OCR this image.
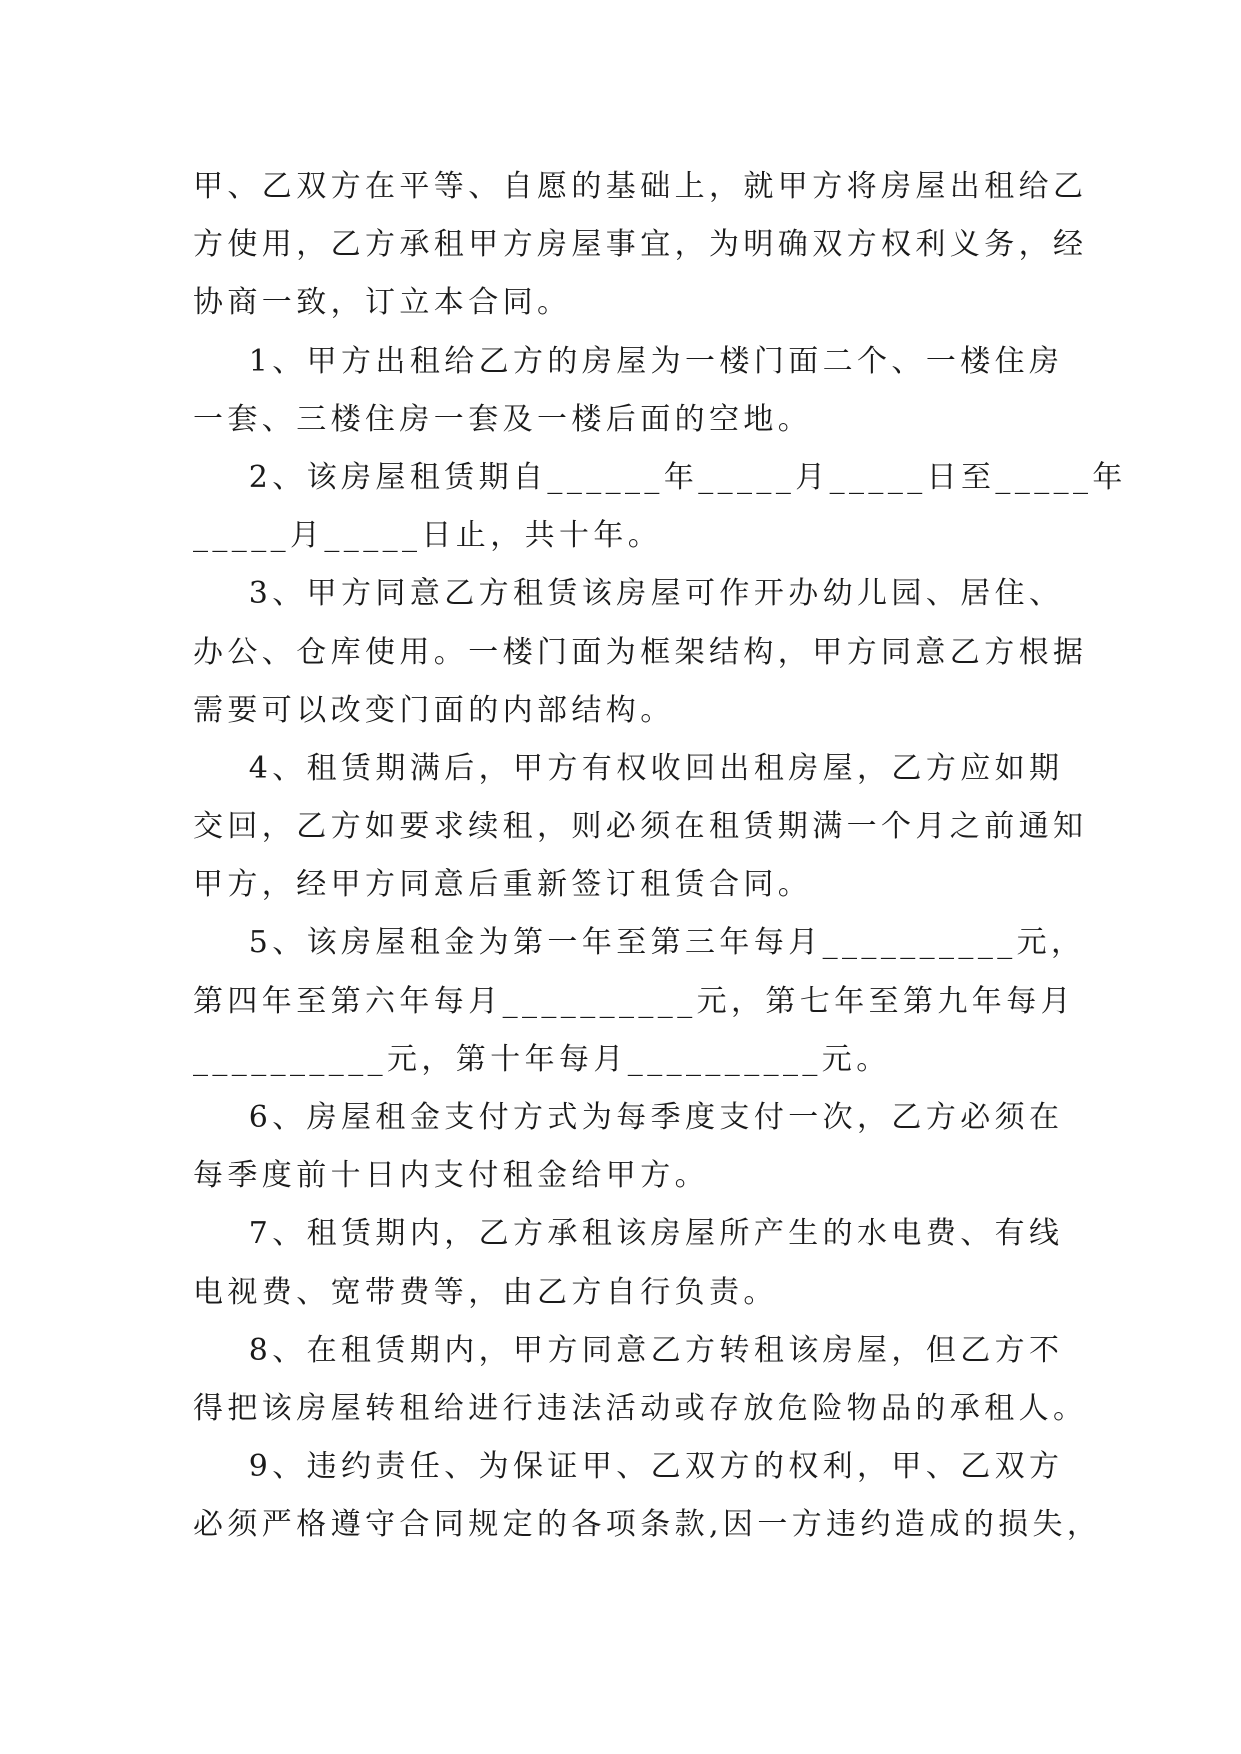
甲、乙双方在平等、自愿的基础上，就甲方将房屋出租给乙
方使用，乙方承租甲方房屋事宜，为明确双方权利义务，经
协商一致，订立本合同。
1、甲方出租给乙方的房屋为一楼门面二个、一楼住房
一套、三楼住房一套及一楼后面的空地。
2、该房屋租赁期自______年_____月_____日至_____年
_____月_____日止，共十年。
3、甲方同意乙方租赁该房屋可作开办幼儿园、居住、
办公、仓库使用。一楼门面为框架结构，甲方同意乙方根据
需要可以改变门面的内部结构。
4、租赁期满后，甲方有权收回出租房屋，乙方应如期
交回，乙方如要求续租，则必须在租赁期满一个月之前通知
甲方，经甲方同意后重新签订租赁合同。
5、该房屋租金为第一年至第三年每月__________元，
第四年至第六年每月__________元，第七年至第九年每月
__________元，第十年每月__________元。
6、房屋租金支付方式为每季度支付一次，乙方必须在
每季度前十日内支付租金给甲方。
7、租赁期内，乙方承租该房屋所产生的水电费、有线
电视费、宽带费等，由乙方自行负责。
8、在租赁期内，甲方同意乙方转租该房屋，但乙方不
得把该房屋转租给进行违法活动或存放危险物品的承租人。
9、违约责任、为保证甲、乙双方的权利，甲、乙双方
必须严格遵守合同规定的各项条款,因一方违约造成的损失，
